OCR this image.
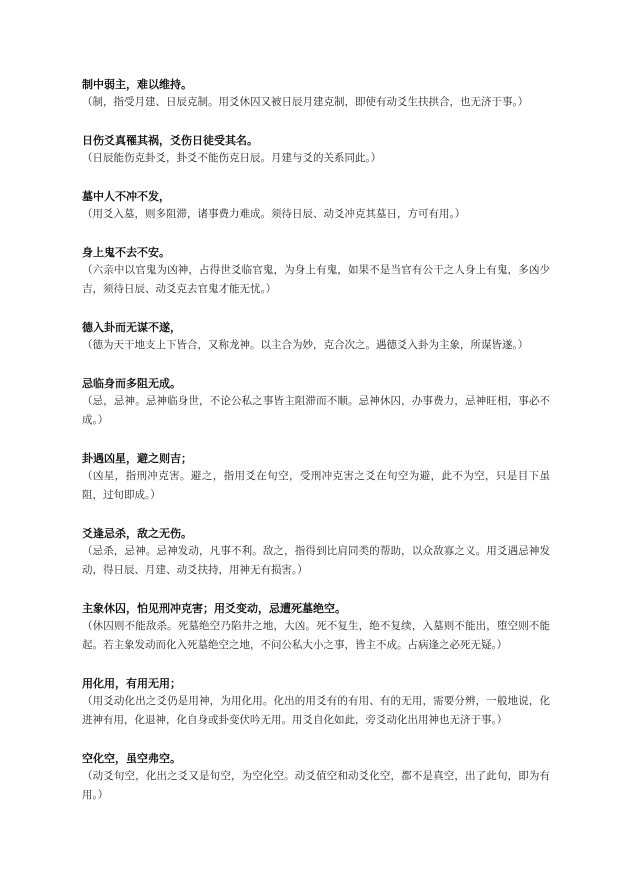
制中弱主，难以维持。

（制，指受月建、日辰克制。用爻休囚又被日辰月建克制，即使有动爻生扶拱合，也无济于事。）

日伤爻真罹其祸，爻伤日徒受其名。

（日辰能伤克卦爻，卦爻不能伤克日辰。月建与爻的关系同此。）

墓中人不冲不发，

（用爻入墓，则多阻滞，诸事费力难成。须待日辰、动爻冲克其墓日，方可有用。）

身上鬼不去不安。

（六亲中以官鬼为凶神，占得世爻临官鬼，为身上有鬼，如果不是当官有公干之人身上有鬼，多凶少吉，须待日辰、动爻克去官鬼才能无忧。）

德入卦而无谋不遂，

（德为天干地支上下皆合，又称龙神。以主合为妙，克合次之。遇德爻入卦为主象，所谋皆遂。）

忌临身而多阻无成。

（忌，忌神。忌神临身世，不论公私之事皆主阻滞而不顺。忌神休囚，办事费力，忌神旺相，事必不成。）

卦遇凶星，避之则吉；

（凶星，指刑冲克害。避之，指用爻在旬空，受刑冲克害之爻在旬空为避，此不为空，只是目下虽阻，过旬即成。）

爻逢忌杀，敌之无伤。

（忌杀，忌神。忌神发动，凡事不利。敌之，指得到比肩同类的帮助，以众敌寡之义。用爻遇忌神发动，得日辰、月建、动爻扶持，用神无有损害。）

主象休囚，怕见刑冲克害；用爻变动，忌遭死墓绝空。

（休囚则不能敌杀。死墓绝空乃陷井之地，大凶。死不复生，绝不复续，入墓则不能出，堕空则不能起。若主象发动而化入死墓绝空之地，不问公私大小之事，皆主不成。占病逢之必死无疑。）

用化用，有用无用；

（用爻动化出之爻仍是用神，为用化用。化出的用爻有的有用、有的无用，需要分辨，一般地说，化进神有用，化退神，化自身或卦变伏吟无用。用爻自化如此，旁爻动化出用神也无济于事。）

空化空，虽空弗空。

（动爻旬空，化出之爻又是旬空，为空化空。动爻值空和动爻化空，都不是真空，出了此旬，即为有用。）
